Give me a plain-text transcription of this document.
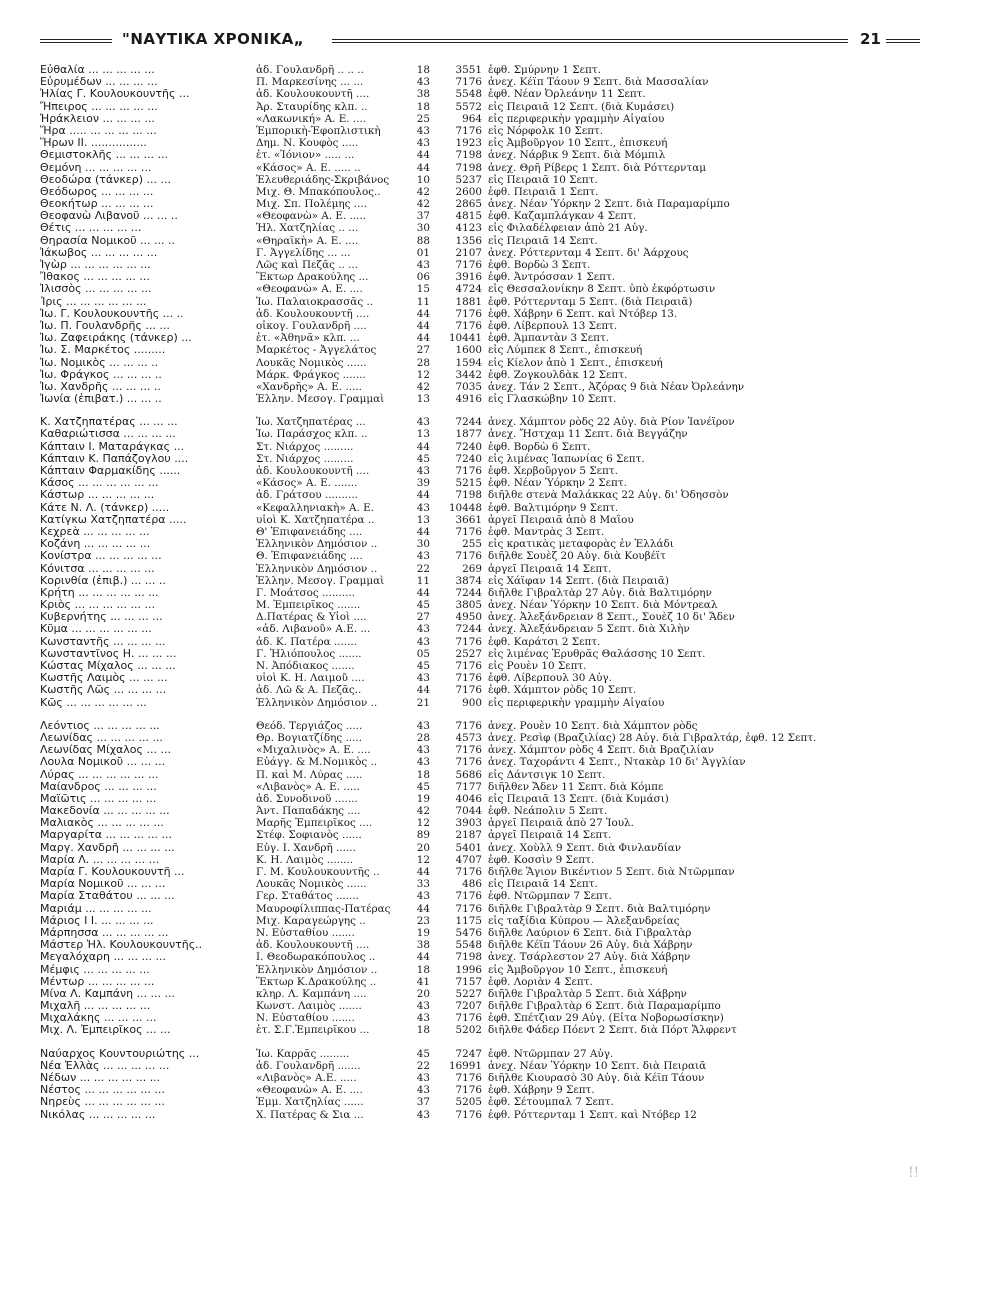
"ΝΑΥΤΙΚΑ ΧΡΟΝΙΚΑ„	21
Εὐθαλία ... ... ... ... ...	ἀδ. Γουλανδρῆ .. .. ..	18	3551 ἐφθ. Σμύρνην 1 Σεπτ.
Εὐρυμέδων ... ... ... ...	Π. Μαρκεσίνης ... ...	43	7176 ἀνεχ. Κέϊπ Τάουν 9 Σεπτ. διὰ Μασσαλίαν
Ἠλίας Γ. Κουλουκουντῆς ...	ἀδ. Κουλουκουντῆ ....	38	5548 ἐφθ. Νέαν Ὀρλεάνην 11 Σεπτ.
Ἤπειρος ... ... ... ... ...	Ἀρ. Σταυρίδης κλπ. ..	18	5572 εἰς Πειραιᾶ 12 Σεπτ. (διὰ Κυμάσει)
Ἡράκλειον ... ... ... ...	«Λακωνική» Α. Ε. ....	25	964 εἰς περιφερικὴν γραμμὴν Αἰγαίου
Ἥρα ..... ... ... ... ... ...	Ἐμπορικὴ-Ἐφοπλιστικὴ	43	7176 εἰς Νόρφολκ 10 Σεπτ.
Ἥρων ΙΙ. ................	Δημ. Ν. Κουφὸς .....	43	1923 εἰς Ἀμβοῦργον 10 Σεπτ., ἐπισκευή
Θεμιστοκλῆς ... ... ... ...	ἑτ. «Ἰόνιον» ..... ...	44	7198 ἀνεχ. Νάρβικ 9 Σεπτ. διὰ Μόμπιλ
Θεμόνη ... ... ... ... ...	«Κάσος» Α. Ε. ..... ..	44	7198 ἀνεχ. Θρῆ Ρίβερς 1 Σεπτ. διὰ Ρόττερνταμ
Θεοδώρα (τάνκερ) ... ...	Ἐλευθεριάδης-Σκριβάνος	10	5237 εἰς Πειραιᾶ 10 Σεπτ.
Θεόδωρος ... ... ... ...	Μιχ. Θ. Μπακόπουλος..	42	2600 ἐφθ. Πειραιᾶ 1 Σεπτ.
Θεοκήτωρ ... ... ... ...	Μιχ. Σπ. Πολέμης ....	42	2865 ἀνεχ. Νέαν Ὑόρκην 2 Σεπτ. διὰ Παραμαρίμπο
Θεοφανὼ Λιβανοῦ ... ... ..	«Θεοφανὼ» Α. Ε. .....	37	4815 ἐφθ. Καζαμπλάγκαν 4 Σεπτ.
Θέτις ... ... ... ... ...	Ἠλ. Χατζηλίας .. ...	30	4123 εἰς Φιλαδέλφειαν ἀπὸ 21 Αὐγ.
Θηρασία Νομικοῦ ... ... ..	«Θηραϊκὴ» Α. Ε. ....	88	1356 εἰς Πειραιᾶ 14 Σεπτ.
Ἰάκωβος ... ... ... ... ...	Γ. Ἀγγελίδης ... ...	01	2107 ἀνεχ. Ρόττερνταμ 4 Σεπτ. δι' Ἀάρχους
Ἰγὼρ ... ... ... ... ... ...	Λῶς καὶ Πεζᾶς .. ...	43	7176 ἐφθ. Βορδὼ 3 Σεπτ.
Ἴθακος ... ... ... ... ...	Ἕκτωρ Δρακούλης ...	06	3916 ἐφθ. Ἀντρόσσαν 1 Σεπτ.
Ἰλισσὸς ... ... ... ... ...	«Θεοφανὼ» Α. Ε. ....	15	4724 εἰς Θεσσαλονίκην 8 Σεπτ. ὑπὸ ἐκφόρτωσιν
Ἶρις ... ... ... ... ... ...	Ἰω. Παλαιοκρασσᾶς ..	11	1881 ἐφθ. Ρόττερνταμ 5 Σεπτ. (διὰ Πειραιᾶ)
Ἰω. Γ. Κουλουκουντῆς ... ..	ἀδ. Κουλουκουντῆ ....	44	7176 ἐφθ. Χάβρην 6 Σεπτ. καὶ Ντόβερ 13.
Ἰω. Π. Γουλανδρῆς ... ...	οἶκογ. Γουλανδρῆ ....	44	7176 ἐφθ. Λίβερπουλ 13 Σεπτ.
Ἰω. Ζαφειράκης (τάνκερ) ...	ἑτ. «Ἀθηνᾶ» κλπ. ...	44	10441 ἐφθ. Ἀμπαντὰν 3 Σεπτ.
Ἰω. Σ. Μαρκέτος .........	Μαρκέτος - Ἀγγελάτος	27	1600 εἰς Λύμπεκ 8 Σεπτ., ἐπισκευή
Ἰω. Νομικὸς ... ... ... ..	Λουκᾶς Νομικὸς ......	28	1594 εἰς Κίελον ἀπὸ 1 Σεπτ., ἐπισκευή
Ἰω. Φράγκος ... ... ... ..	Μάρκ. Φράγκος .......	12	3442 ἐφθ. Ζογκουλδὰκ 12 Σεπτ.
Ἰω. Χανδρῆς ... ... ... ..	«Χανδρῆς» Α. Ε. .....	42	7035 ἀνεχ. Τάν 2 Σεπτ., Ἀζόρας 9 διὰ Νέαν Ὀρλεάνην
Ἰωνία (ἐπιβατ.) ... ... ..	Ἑλλην. Μεσογ. Γραμμαὶ	13	4916 εἰς Γλασκώβην 10 Σεπτ.
Κ. Χατζηπατέρας ... ... ...	Ἰω. Χατζηπατέρας ...	43	7244 ἀνεχ. Χάμπτον ρὸδς 22 Αὐγ. διὰ Ρίον Ἰανέϊρον
Καθαριώτισσα ... ... ... ...	Ἰω. Παράσχος κλπ. ..	13	1877 ἀνεχ. Ἤστχαμ 11 Σεπτ. διὰ Βεγγάζην
Κάπταιν Ι. Ματαράγκας ...	Στ. Νιάρχος .........	44	7240 ἐφθ. Βορδὼ 6 Σεπτ.
Κάπταιν Κ. Παπάζογλου ....	Στ. Νιάρχος .........	45	7240 εἰς λιμένας Ἰαπωνίας 6 Σεπτ.
Κάπταιν Φαρμακίδης ......	ἀδ. Κουλουκουντῆ ....	43	7176 ἐφθ. Χερβοῦργον 5 Σεπτ.
Κάσος ... ... ... ... ... ...	«Κάσος» Α. Ε. .......	39	5215 ἐφθ. Νέαν Ὑόρκην 2 Σεπτ.
Κάστωρ ... ... ... ... ...	ἀδ. Γράτσου ..........	44	7198 διῆλθε στενὰ Μαλάκκας 22 Αὐγ. δι' Ὀδησσὸν
Κάτε Ν. Λ. (τάνκερ) .....	«Κεφαλληνιακὴ» Α. Ε.	43	10448 ἐφθ. Βαλτιμόρην 9 Σεπτ.
Κατίγκω Χατζηπατέρα .....	υἱοὶ Κ. Χατζηπατέρα ..	13	3661 ἀργεῖ Πειραιᾶ ἀπὸ 8 Μαΐου
Κεχρεὰ ... ... ... ... ...	Θ' Ἐπιφανειάδης ....	44	7176 ἐφθ. Μαντρὰς 3 Σεπτ.
Κοζάνη ... ... ... ... ...	Ἑλληνικὸν Δημόσιον ..	30	255 εἰς κρατικὰς μεταφορὰς ἐν Ἑλλάδι
Κονίστρα ... ... ... ... ...	Θ. Ἐπιφανειάδης ....	43	7176 διῆλθε Σουὲζ 20 Αὐγ. διὰ Κουβέϊτ
Κόνιτσα ... ... ... ... ...	Ἑλληνικὸν Δημόσιον ..	22	269 ἀργεῖ Πειραιᾶ 14 Σεπτ.
Κορινθία (ἐπιβ.) ... ... ..	Ἑλλην. Μεσογ. Γραμμαὶ	11	3874 εἰς Χάϊφαν 14 Σεπτ. (διὰ Πειραιᾶ)
Κρήτη ... ... ... ... ... ...	Γ. Μοάτσος ..........	44	7244 διῆλθε Γιβραλτὰρ 27 Αὐγ. διὰ Βαλτιμόρην
Κριὸς ... ... ... ... ... ...	Μ. Ἐμπειρῖκος .......	45	3805 ἀνεχ. Νέαν Ὑόρκην 10 Σεπτ. διὰ Μόντρεαλ
Κυβερνήτης ... ... ... ...	Δ.Πατέρας & Υἱοὶ ....	27	4950 ἀνεχ. Ἀλεξάνδρειαν 8 Σεπτ., Σουὲζ 10 δι' Ἄδεν
Κῦμα ... ... ... ... ... ...	«ἀδ. Λιβανοῦ» Α.Ε. ...	43	7244 ἀνεχ. Ἀλεξάνδρειαν 5 Σεπτ. διὰ Χιλὴν
Κωνσταντῆς ... ... ... ...	ἀδ. Κ. Πατέρα .......	43	7176 ἐφθ. Καράτσι 2 Σεπτ.
Κωνσταντῖνος Η. ... ... ...	Γ. Ἠλιόπουλος .......	05	2527 εἰς λιμένας Ἐρυθρᾶς Θαλάσσης 10 Σεπτ.
Κώστας Μίχαλος ... ... ...	Ν. Ἀπόδιακος .......	45	7176 εἰς Ρουὲν 10 Σεπτ.
Κωστῆς Λαιμὸς ... ... ...	υἱοὶ Κ. Η. Λαιμοῦ ....	43	7176 ἐφθ. Λίβερπουλ 30 Αὐγ.
Κωστῆς Λῶς ... ... ... ...	ἀδ. Λῶ & Α. Πεζᾶς..	44	7176 ἐφθ. Χάμπτον ρὸδς 10 Σεπτ.
Κῶς ... ... ... ... ... ...	Ἑλληνικὸν Δημόσιον ..	21	900 εἰς περιφερικὴν γραμμὴν Αἰγαίου
Λεόντιος ... ... ... ... ...	Θεόδ. Τεργιάζος .....	43	7176 ἀνεχ. Ρουὲν 10 Σεπτ. διὰ Χάμπτον ρὸδς
Λεωνίδας ... ... ... ... ...	Θρ. Βογιατζίδης .....	28	4573 ἀνεχ. Ρεσὶφ (Βραζιλίας) 28 Αὐγ. διὰ Γιβραλτάρ, ἐφθ. 12 Σεπτ.
Λεωνίδας Μίχαλος ... ...	«Μιχαλινὸς» Α. Ε. ....	43	7176 ἀνεχ. Χάμπτον ρὸδς 4 Σεπτ. διὰ Βραζιλίαν
Λουλα Νομικοῦ ... ... ...	Εὐάγγ. & Μ.Νομικὸς ..	43	7176 ἀνεχ. Ταχοράντι 4 Σεπτ., Ντακὰρ 10 δι' Ἀγγλίαν
Λύρας ... ... ... ... ... ...	Π. καὶ Μ. Λύρας .....	18	5686 εἰς Δάντσιγκ 10 Σεπτ.
Μαίανδρος ... ... ... ...	«Λιβανὸς» Α. Ε. .....	45	7177 διῆλθεν Ἄδεν 11 Σεπτ. διὰ Κόμπε
Μαϊῶτις ... ... ... ... ...	ἀδ. Συνοδινοῦ .......	19	4046 εἰς Πειραιᾶ 13 Σεπτ. (διὰ Κυμάσι)
Μακεδονία ... ... ... ... ...	Ἀντ. Παπαδάκης ....	42	7044 ἐφθ. Νεάπολιν 5 Σεπτ.
Μαλιακὸς ... ... ... ... ...	Μαρῆς Ἐμπειρῖκος ....	12	3903 ἀργεῖ Πειραιᾶ ἀπὸ 27 Ἰουλ.
Μαργαρίτα ... ... ... ... ...	Στέφ. Σοφιανὸς ......	89	2187 ἀργεῖ Πειραιᾶ 14 Σεπτ.
Μαργ. Χανδρῆ ... ... ... ...	Εὐγ. Ι. Χανδρῆ ......	20	5401 ἀνεχ. Χοὺλλ 9 Σεπτ. διὰ Φινλανδίαν
Μαρία Λ. ... ... ... ... ...	Κ. Η. Λαιμὸς ........	12	4707 ἐφθ. Κοσσὶν 9 Σεπτ.
Μαρία Γ. Κουλουκουντῆ ...	Γ. Μ. Κουλουκουντῆς ..	44	7176 διῆλθε Ἅγιον Βικέντιον 5 Σεπτ. διὰ Ντῶρμπαν
Μαρία Νομικοῦ ... ... ...	Λουκᾶς Νομικὸς ......	33	486 εἰς Πειραιᾶ 14 Σεπτ.
Μαρία Σταθάτου ... ... ...	Γερ. Σταθάτος .......	43	7176 ἐφθ. Ντῶρμπαν 7 Σεπτ.
Μαριάμ ... ... ... ... ...	Μαυροφίλιππας-Πατέρας	44	7176 διῆλθε Γιβραλτὰρ 9 Σεπτ. διὰ Βαλτιμόρην
Μάριος Ι Ι. ... ... ... ...	Μιχ. Καραγεώργης ..	23	1175 εἰς ταξίδια Κύπρου — Ἀλεξανδρείας
Μάρπησσα ... ... ... ... ...	Ν. Εὐσταθίου .......	19	5476 διῆλθε Λαύριον 6 Σεπτ. διὰ Γιβραλτὰρ
Μάστερ Ἠλ. Κουλουκουντῆς..	ἀδ. Κουλουκουντῆ ....	38	5548 διῆλθε Κέϊπ Τάουν 26 Αὐγ. διὰ Χάβρην
Μεγαλόχαρη ... ... ... ...	Ι. Θεοδωρακόπουλος ..	44	7198 ἀνεχ. Τσάρλεστον 27 Αὐγ. διὰ Χάβρην
Μέμφις ... ... ... ... ...	Ἑλληνικὸν Δημόσιον ..	18	1996 εἰς Ἀμβοῦργον 10 Σεπτ., ἐπισκευή
Μέντωρ ... ... ... ... ...	Ἕκτωρ Κ.Δρακούλης ..	41	7157 ἐφθ. Λοριὰν 4 Σεπτ.
Μίνα Λ. Καμπάνη ... ... ...	κληρ. Λ. Καμπάνη ....	20	5227 διῆλθε Γιβραλτὰρ 5 Σεπτ. διὰ Χάβρην
Μιχαλῆ ... ... ... ... ...	Κωνστ. Λαιμὸς .......	43	7207 διῆλθε Γιβραλτὰρ 6 Σεπτ. διὰ Παραμαρίμπο
Μιχαλάκης ... ... ... ...	Ν. Εὐσταθίου .......	43	7176 ἐφθ. Σπέτζιαν 29 Αὐγ. (Εἶτα Νοβορωσίσκην)
Μιχ. Λ. Ἐμπειρῖκος ... ...	ἑτ. Σ.Γ.Ἐμπειρῖκου ...	18	5202 διῆλθε Φάδερ Πόεντ 2 Σεπτ. διὰ Πόρτ Ἄλφρεντ
Ναύαρχος Κουντουριώτης ...	Ἰω. Καρρᾶς .........	45	7247 ἐφθ. Ντῶρμπαν 27 Αὐγ.
Νέα Ἑλλὰς ... ... ... ... ...	ἀδ. Γουλανδρῆ .......	22	16991 ἀνεχ. Νέαν Ὑόρκην 10 Σεπτ. διὰ Πειραιᾶ
Νέδων ... ... ... ... ... ...	«Λιβανὸς» Α.Ε. .....	43	7176 διῆλθε Κιουρασὸ 30 Αὐγ. διὰ Κέϊπ Τάουν
Νέστος ... ... ... ... ... ...	«Θεοφανὼ» Α. Ε. ....	43	7176 ἐφθ. Χάβρην 9 Σεπτ.
Νηρεὺς ... ... ... ... ... ...	Ἐμμ. Χατζηλίας ......	37	5205 ἐφθ. Σέτουμπαλ 7 Σεπτ.
Νικόλας ... ... ... ... ...	Χ. Πατέρας & Σια ...	43	7176 ἐφθ. Ρόττερνταμ 1 Σεπτ. καὶ Ντόβερ 12
!!
